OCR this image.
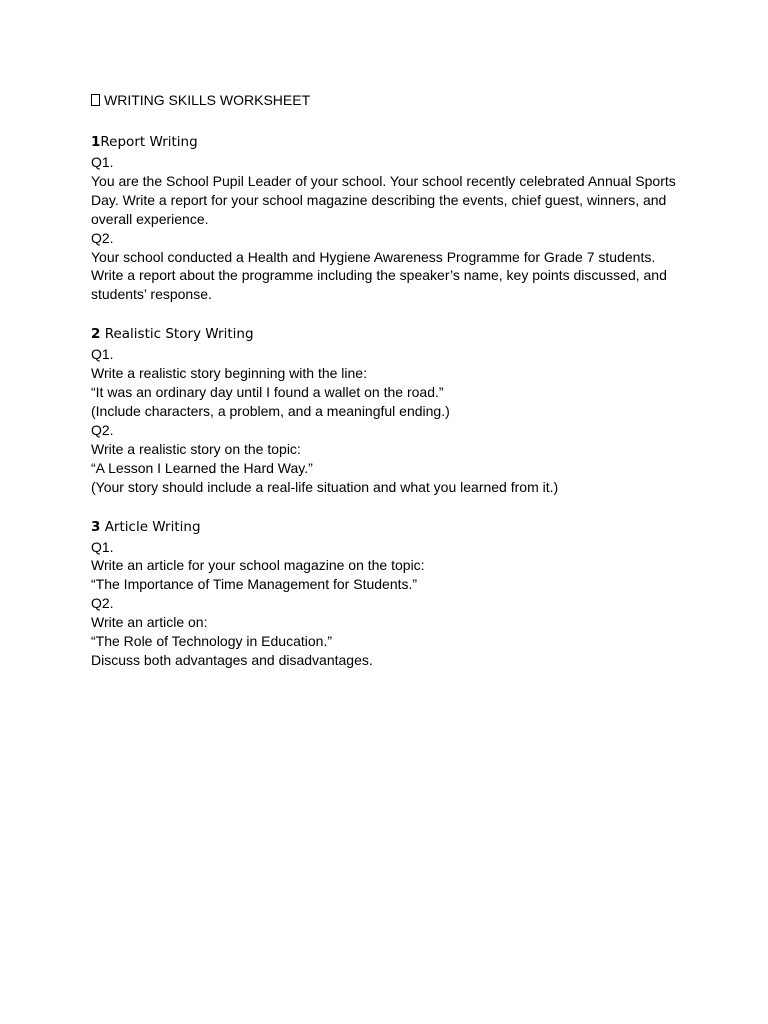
WRITING SKILLS WORKSHEET
1Report Writing

Q1.

You are the School Pupil Leader of your school. Your school recently celebrated Annual Sports

Day. Write a report for your school magazine describing the events, chief guest, winners, and

overall experience.

Q2.

Your school conducted a Health and Hygiene Awareness Programme for Grade 7 students.

Write a report about the programme including the speaker’s name, key points discussed, and

students’ response.

2 Realistic Story Writing

Q1.

Write a realistic story beginning with the line:

“It was an ordinary day until I found a wallet on the road.”

(Include characters, a problem, and a meaningful ending.)

Q2.

Write a realistic story on the topic:

“A Lesson I Learned the Hard Way.”

(Your story should include a real-life situation and what you learned from it.)

3 Article Writing

Q1.

Write an article for your school magazine on the topic:

“The Importance of Time Management for Students.”

Q2.

Write an article on:

“The Role of Technology in Education.”

Discuss both advantages and disadvantages.
